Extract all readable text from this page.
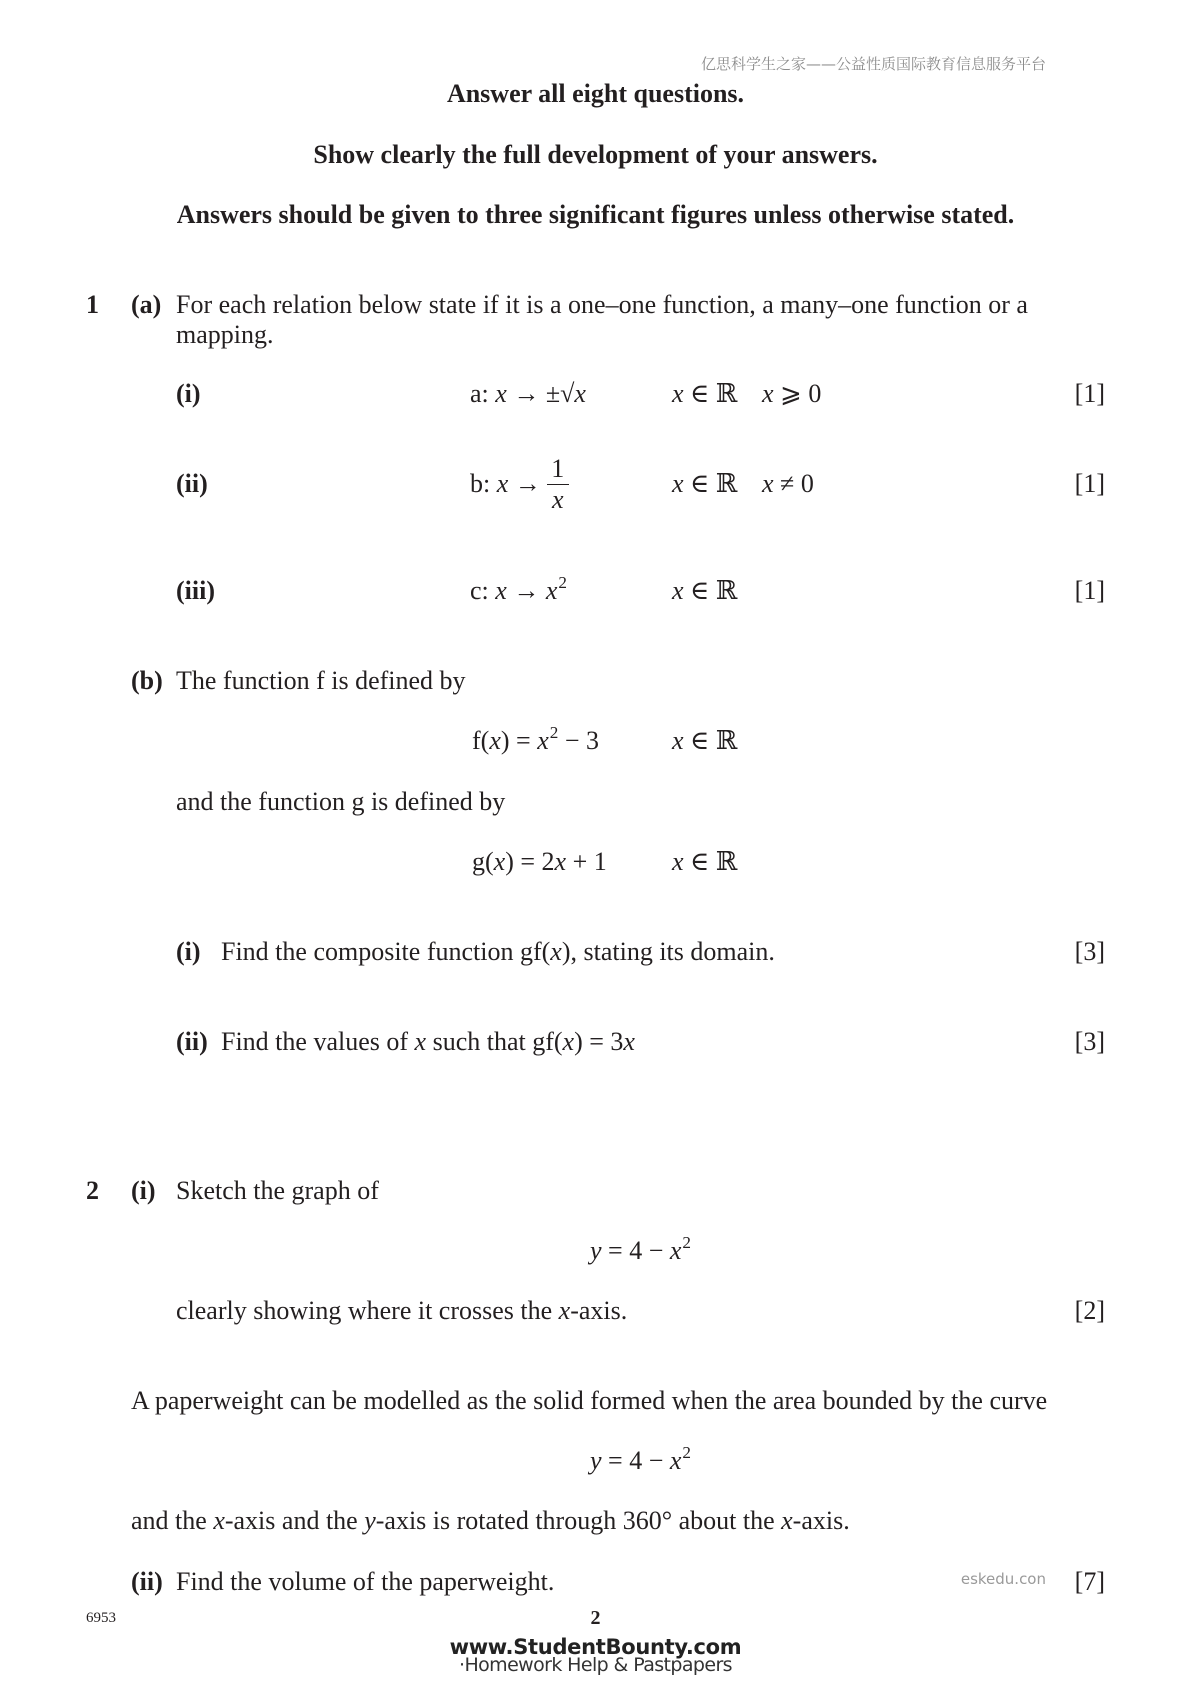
亿思科学生之家——公益性质国际教育信息服务平台
Answer all eight questions.
Show clearly the full development of your answers.
Answers should be given to three significant figures unless otherwise stated.
1 (a) For each relation below state if it is a one–one function, a many–one function or a
mapping.
(i)	a: x → ±√x	x ∈ ℝ x ⩾ 0	[1]
(ii)	b: $x \to \frac{1}{x}$	x ∈ ℝ x ≠ 0	[1]
(iii)	c: $x \to x^2$	x ∈ ℝ	[1]
(b) The function f is defined by
$f(x) = x^2 - 3$	x ∈ ℝ
and the function g is defined by
g(x) = 2x + 1	x ∈ ℝ
(i) Find the composite function gf(x), stating its domain.	[3]
(ii) Find the values of x such that gf(x) = 3x	[3]
2 (i) Sketch the graph of
$y = 4 - x^2$
clearly showing where it crosses the x-axis.	[2]
A paperweight can be modelled as the solid formed when the area bounded by the curve
$y = 4 - x^2$
and the x-axis and the y-axis is rotated through 360° about the x-axis.
(ii) Find the volume of the paperweight.	eskedu.con [7]
6953	2
www.StudentBounty.com
·Homework Help & Pastpapers
